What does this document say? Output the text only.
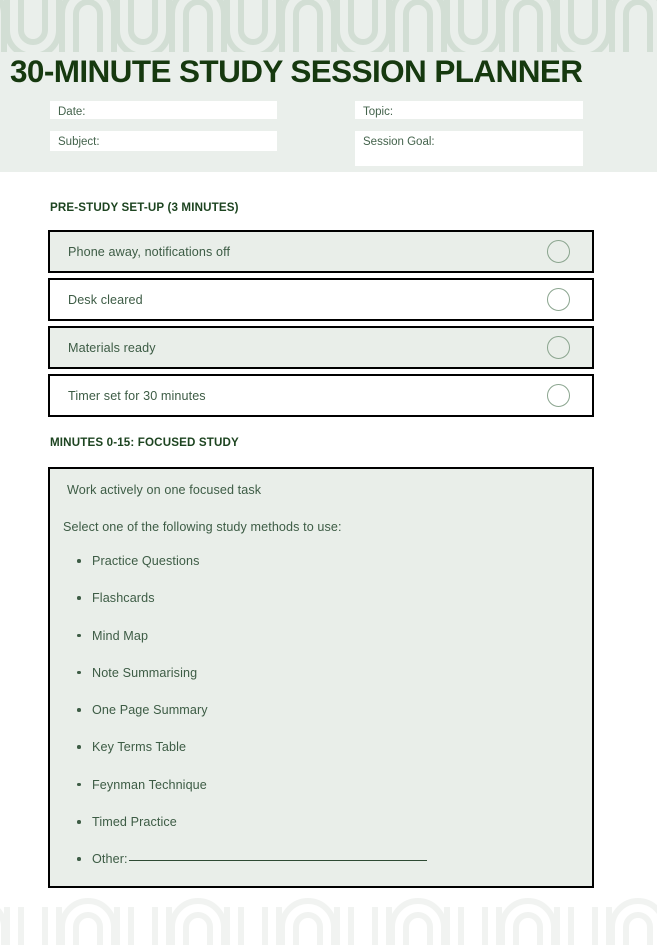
30-MINUTE STUDY SESSION PLANNER
Date:
Subject:
Topic:
Session Goal:
PRE-STUDY SET-UP (3 MINUTES)
Phone away, notifications off
Desk cleared
Materials ready
Timer set for 30 minutes
MINUTES 0-15: FOCUSED STUDY
Work actively on one focused task
Select one of the following study methods to use:
Practice Questions
Flashcards
Mind Map
Note Summarising
One Page Summary
Key Terms Table
Feynman Technique
Timed Practice
Other:
